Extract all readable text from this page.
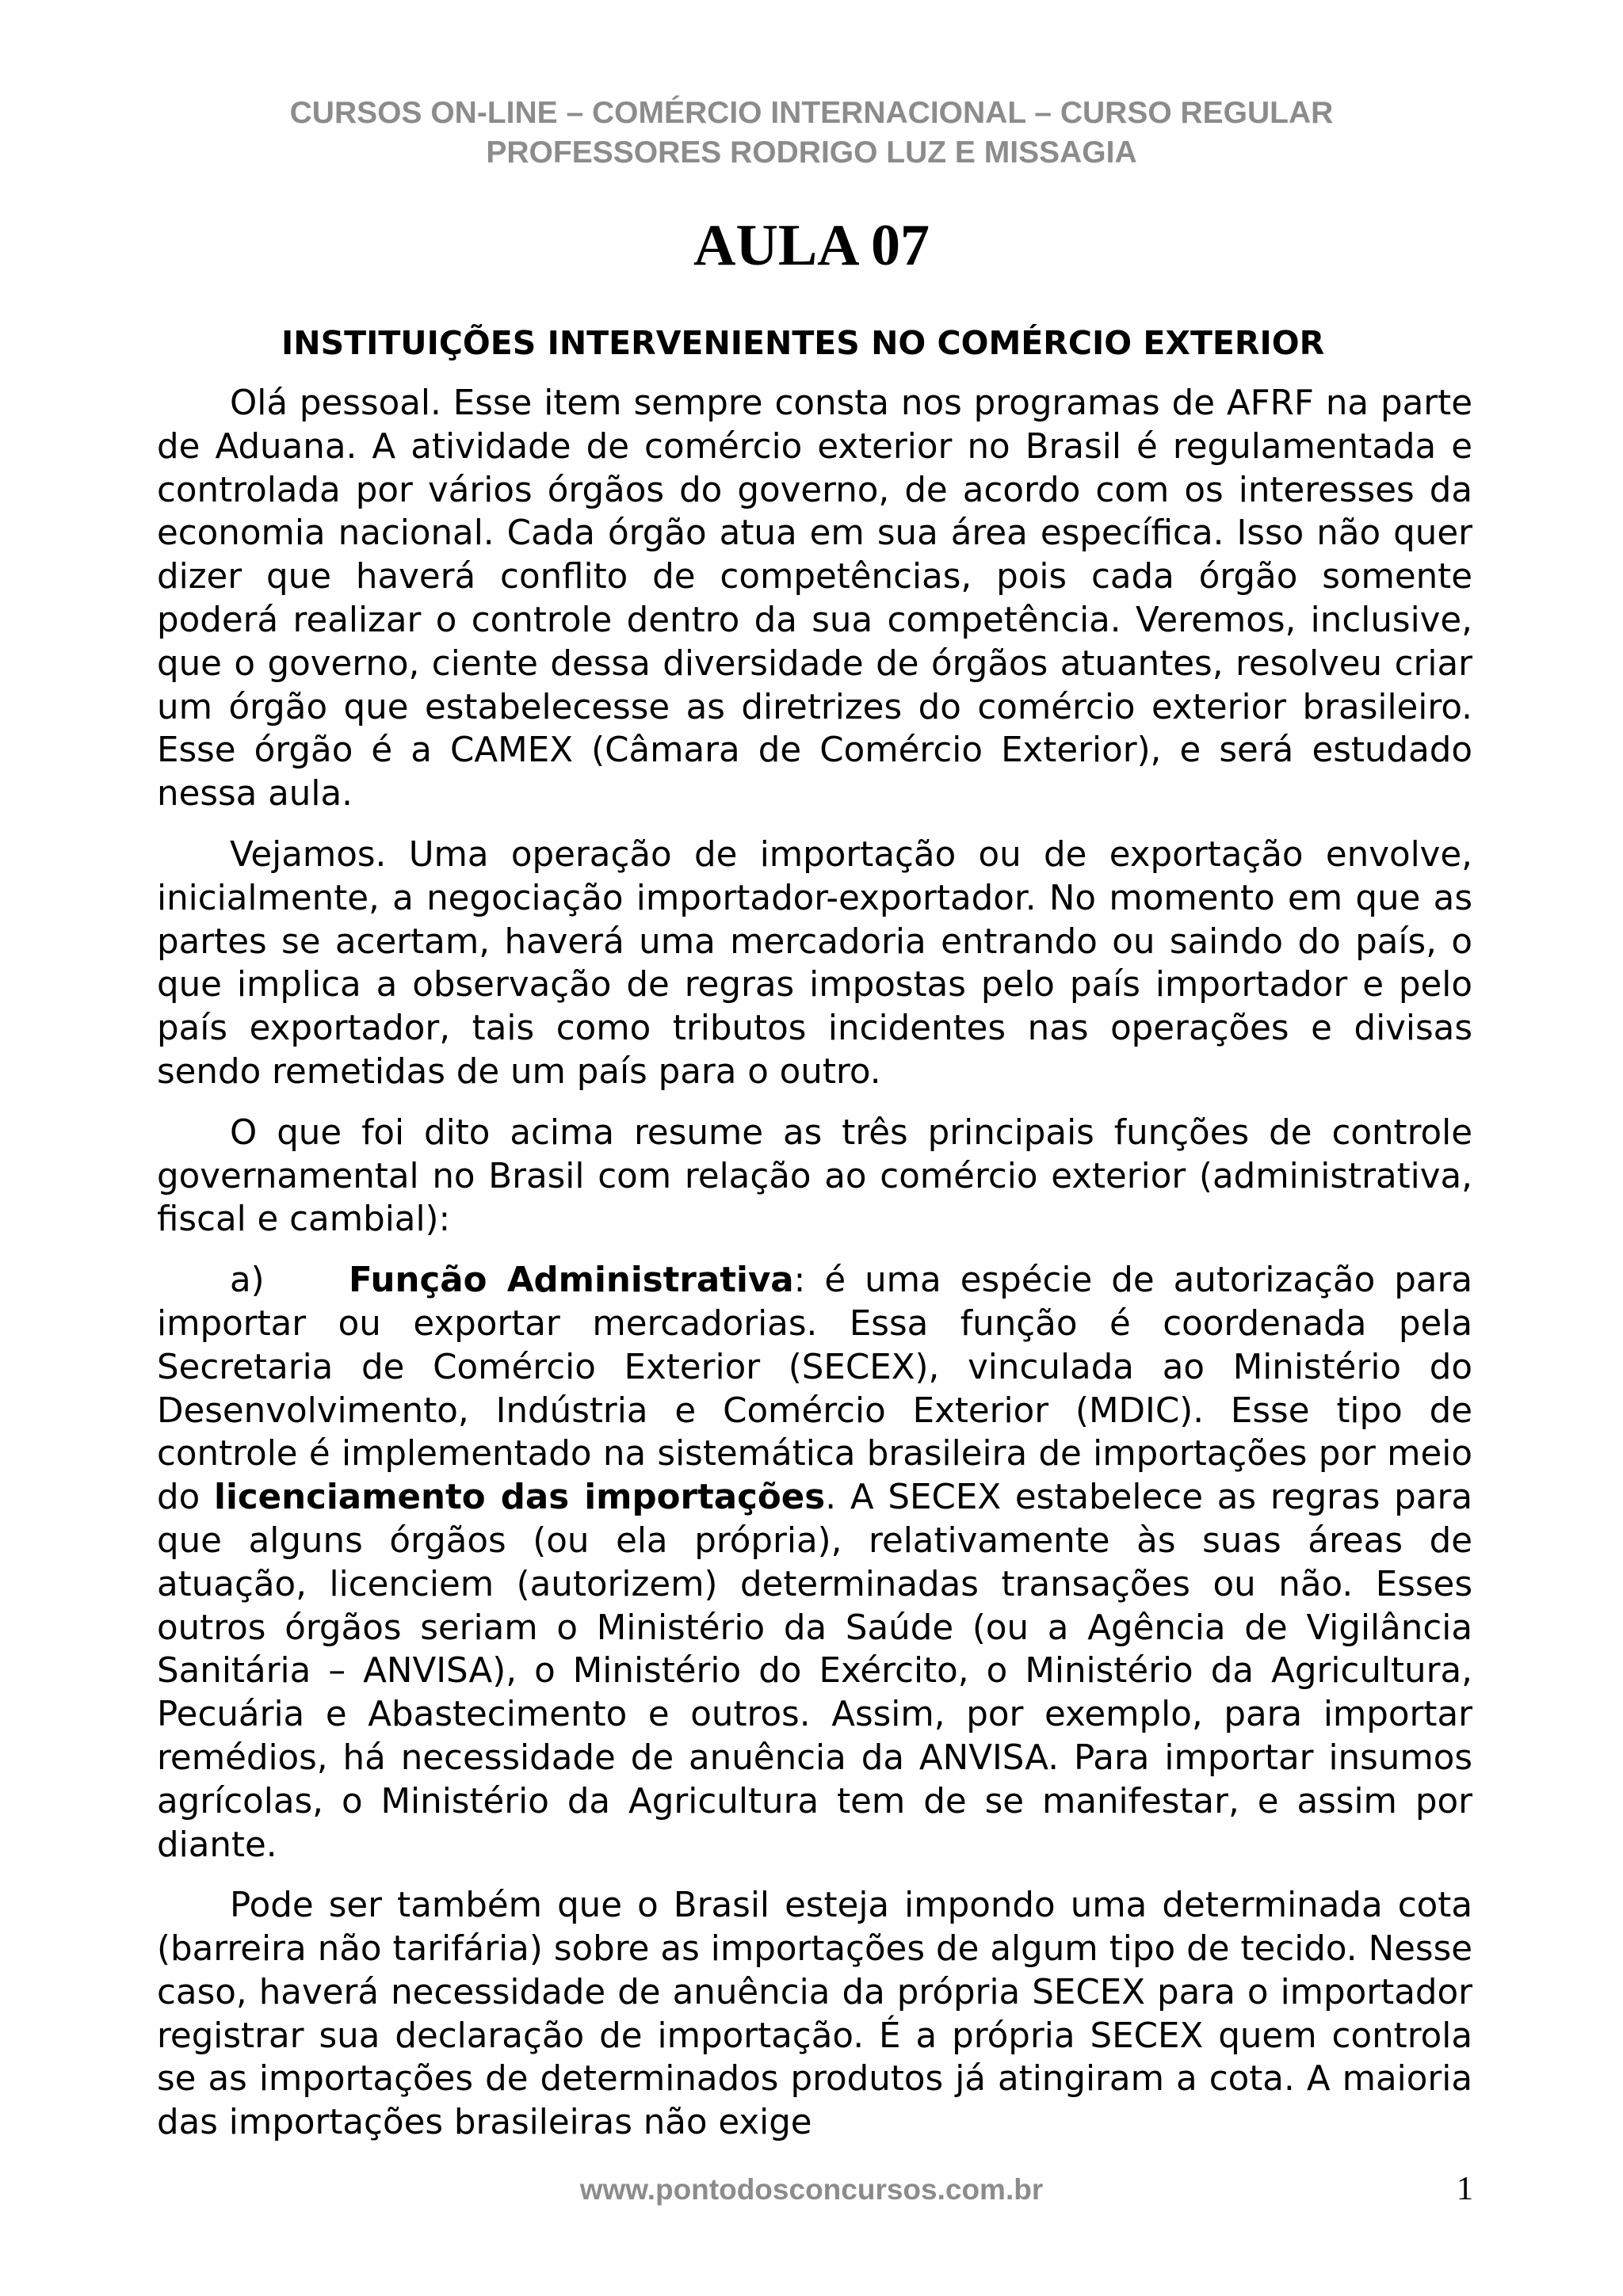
CURSOS ON-LINE – COMÉRCIO INTERNACIONAL – CURSO REGULAR
PROFESSORES RODRIGO LUZ E MISSAGIA
AULA 07
INSTITUIÇÕES INTERVENIENTES NO COMÉRCIO EXTERIOR

Olá pessoal. Esse item sempre consta nos programas de AFRF na parte de Aduana. A atividade de comércio exterior no Brasil é regulamentada e controlada por vários órgãos do governo, de acordo com os interesses da economia nacional. Cada órgão atua em sua área específica. Isso não quer dizer que haverá conflito de competências, pois cada órgão somente poderá realizar o controle dentro da sua competência. Veremos, inclusive, que o governo, ciente dessa diversidade de órgãos atuantes, resolveu criar um órgão que estabelecesse as diretrizes do comércio exterior brasileiro. Esse órgão é a CAMEX (Câmara de Comércio Exterior), e será estudado nessa aula.

Vejamos. Uma operação de importação ou de exportação envolve, inicialmente, a negociação importador-exportador. No momento em que as partes se acertam, haverá uma mercadoria entrando ou saindo do país, o que implica a observação de regras impostas pelo país importador e pelo país exportador, tais como tributos incidentes nas operações e divisas sendo remetidas de um país para o outro.

O que foi dito acima resume as três principais funções de controle governamental no Brasil com relação ao comércio exterior (administrativa, fiscal e cambial):

a) Função Administrativa: é uma espécie de autorização para importar ou exportar mercadorias. Essa função é coordenada pela Secretaria de Comércio Exterior (SECEX), vinculada ao Ministério do Desenvolvimento, Indústria e Comércio Exterior (MDIC). Esse tipo de controle é implementado na sistemática brasileira de importações por meio do licenciamento das importações. A SECEX estabelece as regras para que alguns órgãos (ou ela própria), relativamente às suas áreas de atuação, licenciem (autorizem) determinadas transações ou não. Esses outros órgãos seriam o Ministério da Saúde (ou a Agência de Vigilância Sanitária – ANVISA), o Ministério do Exército, o Ministério da Agricultura, Pecuária e Abastecimento e outros. Assim, por exemplo, para importar remédios, há necessidade de anuência da ANVISA. Para importar insumos agrícolas, o Ministério da Agricultura tem de se manifestar, e assim por diante.

Pode ser também que o Brasil esteja impondo uma determinada cota (barreira não tarifária) sobre as importações de algum tipo de tecido. Nesse caso, haverá necessidade de anuência da própria SECEX para o importador registrar sua declaração de importação. É a própria SECEX quem controla se as importações de determinados produtos já atingiram a cota. A maioria das importações brasileiras não exige

www.pontodosconcursos.com.br	1
